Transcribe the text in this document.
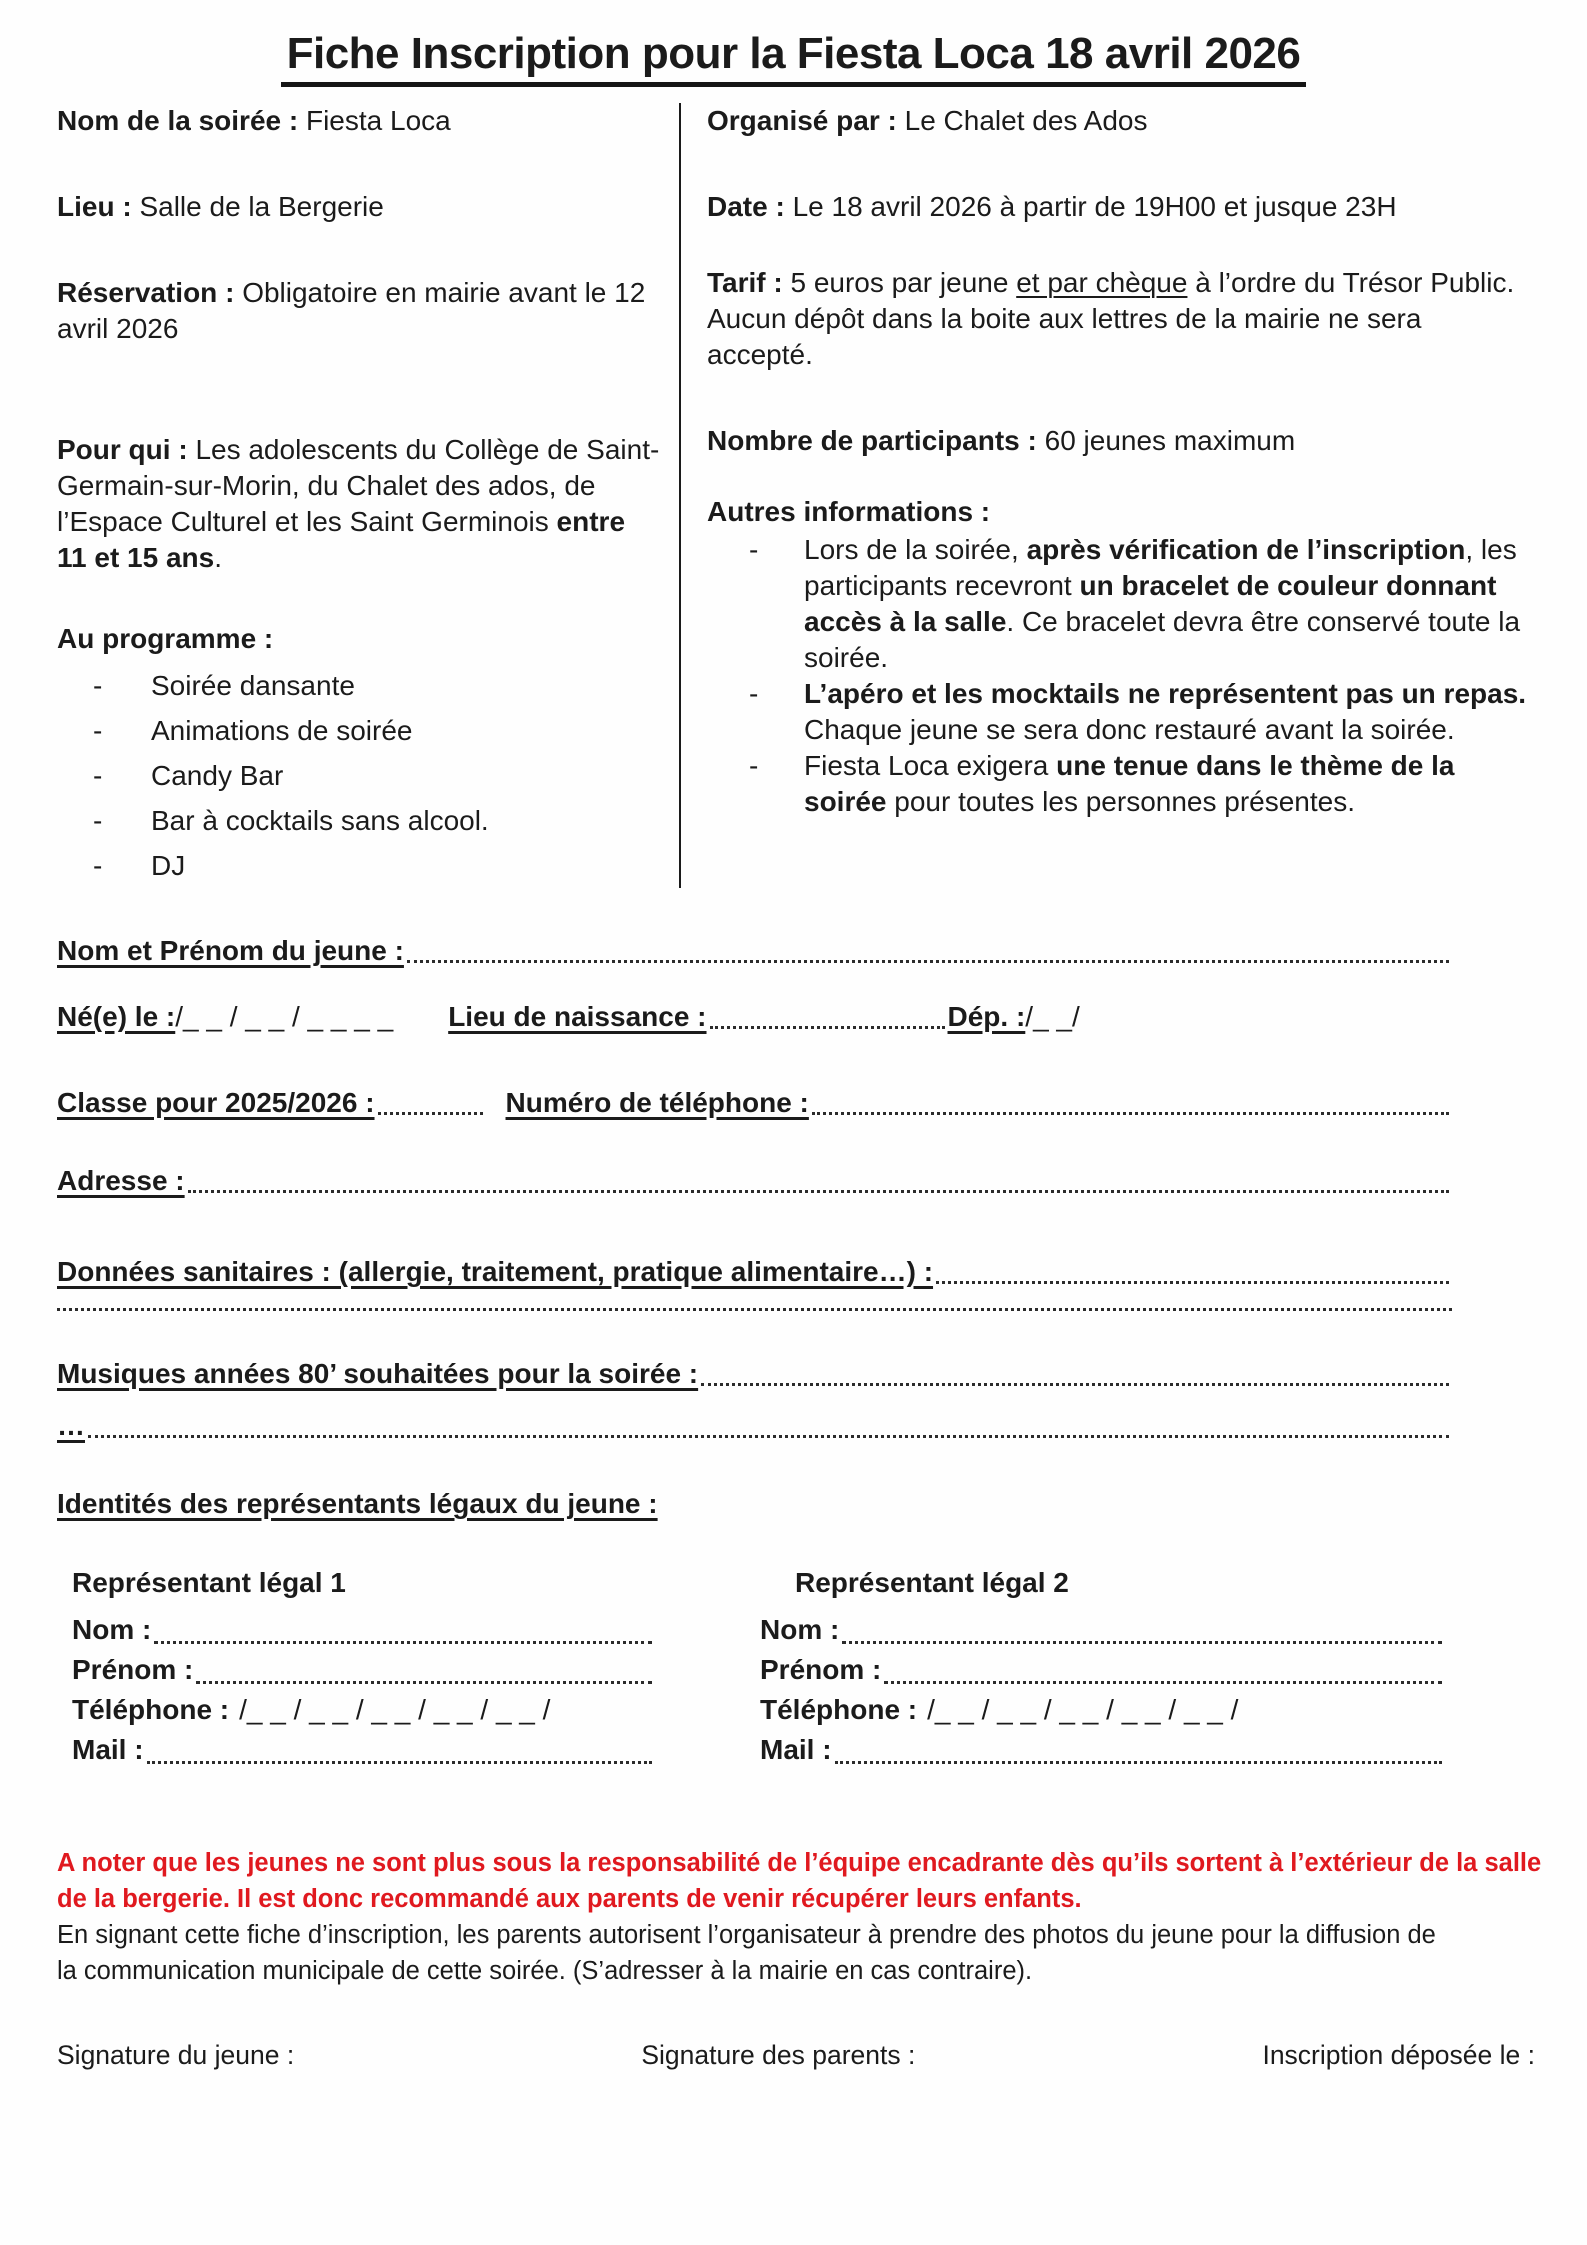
Fiche Inscription pour la Fiesta Loca 18 avril 2026
Nom de la soirée : Fiesta Loca
Lieu : Salle de la Bergerie
Réservation : Obligatoire en mairie avant le 12 avril 2026
Pour qui : Les adolescents du Collège de Saint-Germain-sur-Morin, du Chalet des ados, de l’Espace Culturel et les Saint Germinois entre 11 et 15 ans.
Au programme :
-	Soirée dansante
-	Animations de soirée
-	Candy Bar
-	Bar à cocktails sans alcool.
-	DJ
Organisé par : Le Chalet des Ados
Date : Le 18 avril 2026 à partir de 19H00 et jusque 23H
Tarif : 5 euros par jeune et par chèque à l’ordre du Trésor Public. Aucun dépôt dans la boite aux lettres de la mairie ne sera accepté.
Nombre de participants : 60 jeunes maximum
Autres informations :
-	Lors de la soirée, après vérification de l’inscription, les participants recevront un bracelet de couleur donnant accès à la salle. Ce bracelet devra être conservé toute la soirée.
-	L’apéro et les mocktails ne représentent pas un repas. Chaque jeune se sera donc restauré avant la soirée.
-	Fiesta Loca exigera une tenue dans le thème de la soirée pour toutes les personnes présentes.
Nom et Prénom du jeune :
Né(e) le : /_ _ / _ _ / _ _ _ _ Lieu de naissance :	Dép. : /_ _/
Classe pour 2025/2026 :	Numéro de téléphone :
Adresse :
Données sanitaires : (allergie, traitement, pratique alimentaire…) :
Musiques années 80’ souhaitées pour la soirée :
…
Identités des représentants légaux du jeune :
Représentant légal 1
Nom :
Prénom :
Téléphone : /_ _ / _ _ / _ _ / _ _ / _ _ /
Mail :
Représentant légal 2
Nom :
Prénom :
Téléphone : /_ _ / _ _ / _ _ / _ _ / _ _ /
Mail :
A noter que les jeunes ne sont plus sous la responsabilité de l’équipe encadrante dès qu’ils sortent à l’extérieur de la salle
de la bergerie. Il est donc recommandé aux parents de venir récupérer leurs enfants.
En signant cette fiche d’inscription, les parents autorisent l’organisateur à prendre des photos du jeune pour la diffusion de
la communication municipale de cette soirée. (S’adresser à la mairie en cas contraire).
Signature du jeune :	Signature des parents :	Inscription déposée le :
